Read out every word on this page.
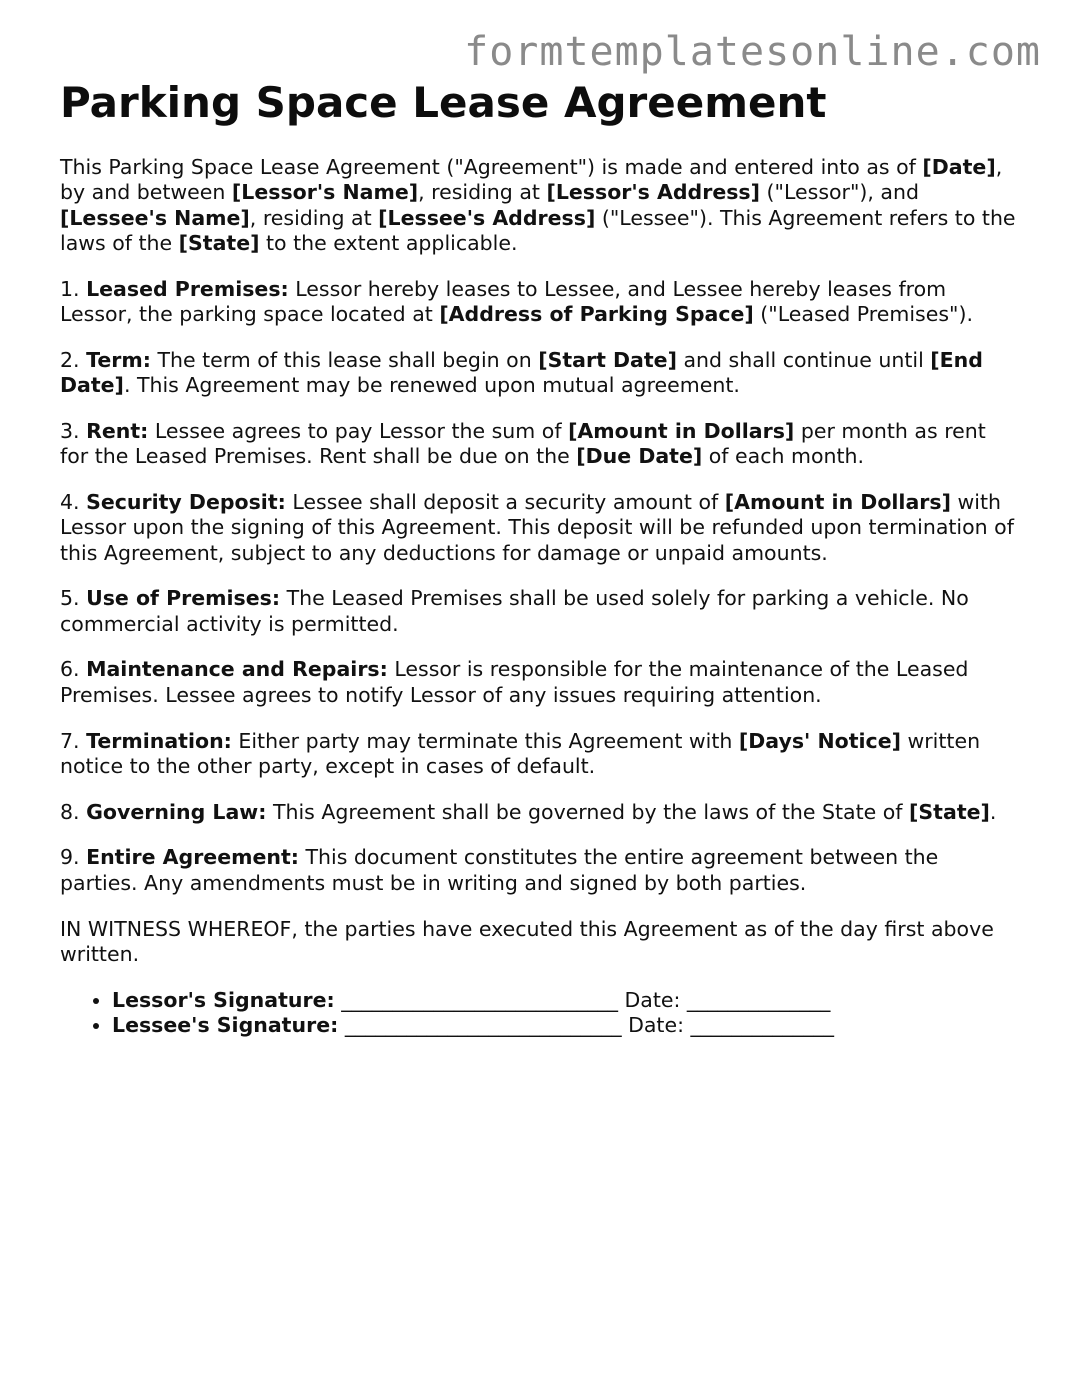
formtemplatesonline.com
Parking Space Lease Agreement

This Parking Space Lease Agreement ("Agreement") is made and entered into as of [Date], by and between [Lessor's Name], residing at [Lessor's Address] ("Lessor"), and [Lessee's Name], residing at [Lessee's Address] ("Lessee"). This Agreement refers to the laws of the [State] to the extent applicable.

1. Leased Premises: Lessor hereby leases to Lessee, and Lessee hereby leases from Lessor, the parking space located at [Address of Parking Space] ("Leased Premises").

2. Term: The term of this lease shall begin on [Start Date] and shall continue until [End Date]. This Agreement may be renewed upon mutual agreement.

3. Rent: Lessee agrees to pay Lessor the sum of [Amount in Dollars] per month as rent for the Leased Premises. Rent shall be due on the [Due Date] of each month.

4. Security Deposit: Lessee shall deposit a security amount of [Amount in Dollars] with Lessor upon the signing of this Agreement. This deposit will be refunded upon termination of this Agreement, subject to any deductions for damage or unpaid amounts.

5. Use of Premises: The Leased Premises shall be used solely for parking a vehicle. No commercial activity is permitted.

6. Maintenance and Repairs: Lessor is responsible for the maintenance of the Leased Premises. Lessee agrees to notify Lessor of any issues requiring attention.

7. Termination: Either party may terminate this Agreement with [Days' Notice] written notice to the other party, except in cases of default.

8. Governing Law: This Agreement shall be governed by the laws of the State of [State].

9. Entire Agreement: This document constitutes the entire agreement between the parties. Any amendments must be in writing and signed by both parties.

IN WITNESS WHEREOF, the parties have executed this Agreement as of the day first above written.

• Lessor's Signature: ___________________________ Date: ______________
• Lessee's Signature: ___________________________ Date: ______________
